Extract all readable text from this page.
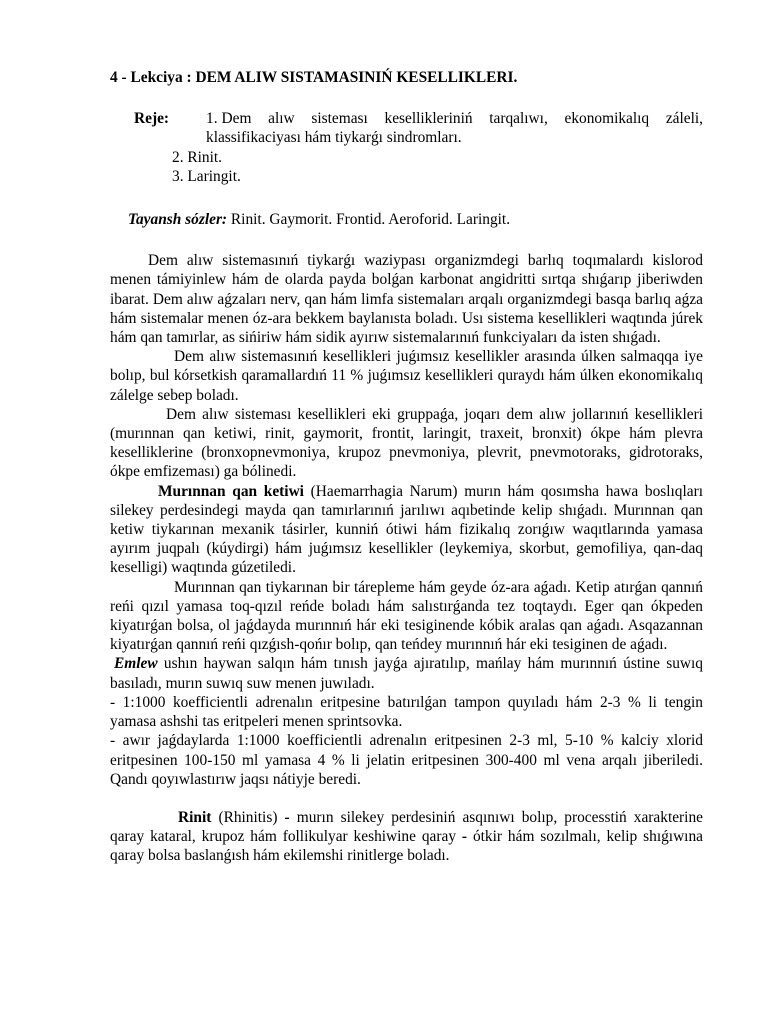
4 - Lekciya : DEM ALIW SISTAMASINIŃ KESELLIKLERI.
Reje:	1. Dem alıw sisteması kesellikleriniń tarqalıwı, ekonomikalıq záleli, klassifikaciyası hám tiykarǵı sindromları.
2. Rinit.
3. Laringit.
Tayansh sózler: Rinit. Gaymorit. Frontid. Aeroforid. Laringit.

Dem alıw sistemasınıń tiykarǵı waziypası organizmdegi barlıq toqımalardı kislorod menen támiyinlew hám de olarda payda bolǵan karbonat angidritti sırtqa shıǵarıp jiberiwden ibarat. Dem alıw aǵzaları nerv, qan hám limfa sistemaları arqalı organizmdegi basqa barlıq aǵza hám sistemalar menen óz-ara bekkem baylanısta boladı. Usı sistema kesellikleri waqtında júrek hám qan tamırlar, as sińiriw hám sidik ayırıw sistemalarınıń funkciyaları da isten shıǵadı.

Dem alıw sistemasınıń kesellikleri juǵımsız kesellikler arasında úlken salmaqqa iye bolıp, bul kórsetkish qaramallardıń 11 % juǵımsız kesellikleri quraydı hám úlken ekonomikalıq zálelge sebep boladı.

Dem alıw sisteması kesellikleri eki gruppaǵa, joqarı dem alıw jollarınıń kesellikleri (murınnan qan ketiwi, rinit, gaymorit, frontit, laringit, traxeit, bronxit) ókpe hám plevra keselliklerine (bronxopnevmoniya, krupoz pnevmoniya, plevrit, pnevmotoraks, gidrotoraks, ókpe emfizeması) ga bólinedi.

Murınnan qan ketiwi (Haemarrhagia Narum) murın hám qosımsha hawa boslıqları silekey perdesindegi mayda qan tamırlarınıń jarılıwı aqıbetinde kelip shıǵadı. Murınnan qan ketiw tiykarınan mexanik tásirler, kunniń ótiwi hám fizikalıq zorıǵıw waqıtlarında yamasa ayırım juqpalı (kúydirgi) hám juǵımsız kesellikler (leykemiya, skorbut, gemofiliya, qan-daq keselligi) waqtında gúzetiledi.

Murınnan qan tiykarınan bir tárepleme hám geyde óz-ara aǵadı. Ketip atırǵan qannıń reńi qızıl yamasa toq-qızıl reńde boladı hám salıstırǵanda tez toqtaydı. Eger qan ókpeden kiyatırǵan bolsa, ol jaǵdayda murınnıń hár eki tesiginende kóbik aralas qan aǵadı. Asqazannan kiyatırǵan qannıń reńi qızǵısh-qońır bolıp, qan teńdey murınnıń hár eki tesiginen de aǵadı.

Emlew ushın haywan salqın hám tınısh jayǵa ajıratılıp, mańlay hám murınnıń ústine suwıq basıladı, murın suwıq suw menen juwıladı.

- 1:1000 koefficientli adrenalın eritpesine batırılǵan tampon quyıladı hám 2-3 % li tengin yamasa ashshi tas eritpeleri menen sprintsovka.

- awır jaǵdaylarda 1:1000 koefficientli adrenalın eritpesinen 2-3 ml, 5-10 % kalciy xlorid eritpesinen 100-150 ml yamasa 4 % li jelatin eritpesinen 300-400 ml vena arqalı jiberiledi. Qandı qoyıwlastırıw jaqsı nátiyje beredi.

Rinit (Rhinitis) - murın silekey perdesiniń asqınıwı bolıp, processtiń xarakterine qaray kataral, krupoz hám follikulyar keshiwine qaray - ótkir hám sozılmalı, kelip shıǵıwına qaray bolsa baslanǵısh hám ekilemshi rinitlerge boladı.
